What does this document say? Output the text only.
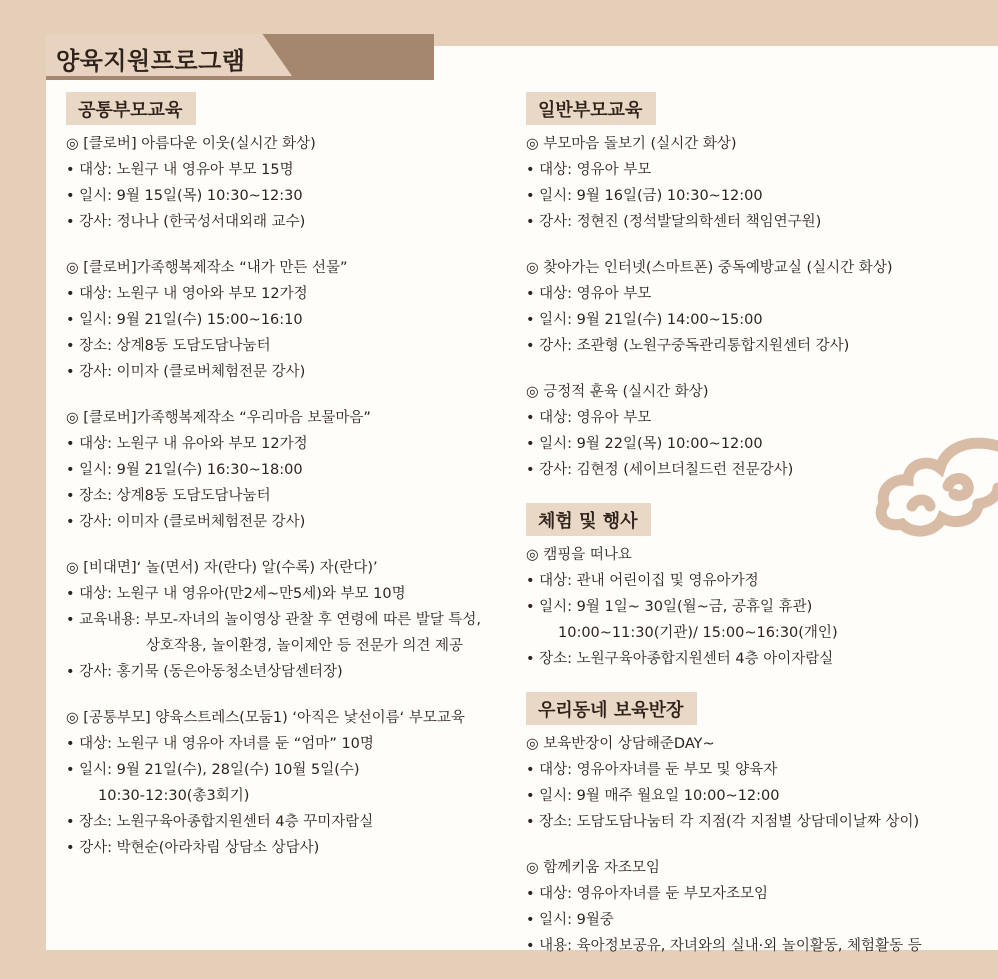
양육지원프로그램
공통부모교육
◎ [클로버] 아름다운 이웃(실시간 화상)
• 대상: 노원구 내 영유아 부모 15명
• 일시: 9월 15일(목) 10:30~12:30
• 강사: 정나나 (한국성서대외래 교수)
◎ [클로버]가족행복제작소 “내가 만든 선물”
• 대상: 노원구 내 영아와 부모 12가정
• 일시: 9월 21일(수) 15:00~16:10
• 장소: 상계8동 도담도담나눔터
• 강사: 이미자 (클로버체험전문 강사)
◎ [클로버]가족행복제작소 “우리마음 보물마음”
• 대상: 노원구 내 유아와 부모 12가정
• 일시: 9월 21일(수) 16:30~18:00
• 장소: 상계8동 도담도담나눔터
• 강사: 이미자 (클로버체험전문 강사)
◎ [비대면]‘ 놀(면서) 자(란다) 알(수록) 자(란다)’
• 대상: 노원구 내 영유아(만2세~만5세)와 부모 10명
• 교육내용: 부모-자녀의 놀이영상 관찰 후 연령에 따른 발달 특성,
상호작용, 놀이환경, 놀이제안 등 전문가 의견 제공
• 강사: 홍기묵 (동은아동청소년상담센터장)
◎ [공통부모] 양육스트레스(모둠1) ‘아직은 낯선이름‘ 부모교육
• 대상: 노원구 내 영유아 자녀를 둔 “엄마” 10명
• 일시: 9월 21일(수), 28일(수) 10월 5일(수)
10:30-12:30(총3회기)
• 장소: 노원구육아종합지원센터 4층 꾸미자람실
• 강사: 박현순(아라차림 상담소 상담사)
일반부모교육
◎ 부모마음 돌보기 (실시간 화상)
• 대상: 영유아 부모
• 일시: 9월 16일(금) 10:30~12:00
• 강사: 정현진 (정석발달의학센터 책임연구원)
◎ 찾아가는 인터넷(스마트폰) 중독예방교실 (실시간 화상)
• 대상: 영유아 부모
• 일시: 9월 21일(수) 14:00~15:00
• 강사: 조관형 (노원구중독관리통합지원센터 강사)
◎ 긍정적 훈육 (실시간 화상)
• 대상: 영유아 부모
• 일시: 9월 22일(목) 10:00~12:00
• 강사: 김현정 (세이브더칠드런 전문강사)
체험 및 행사
◎ 캠핑을 떠나요
• 대상: 관내 어린이집 및 영유아가정
• 일시: 9월 1일~ 30일(월~금, 공휴일 휴관)
10:00~11:30(기관)/ 15:00~16:30(개인)
• 장소: 노원구육아종합지원센터 4층 아이자람실
우리동네 보육반장
◎ 보육반장이 상담해준DAY~
• 대상: 영유아자녀를 둔 부모 및 양육자
• 일시: 9월 매주 월요일 10:00~12:00
• 장소: 도담도담나눔터 각 지점(각 지점별 상담데이날짜 상이)
◎ 함께키움 자조모임
• 대상: 영유아자녀를 둔 부모자조모임
• 일시: 9월중
• 내용: 육아정보공유, 자녀와의 실내·외 놀이활동, 체험활동 등
